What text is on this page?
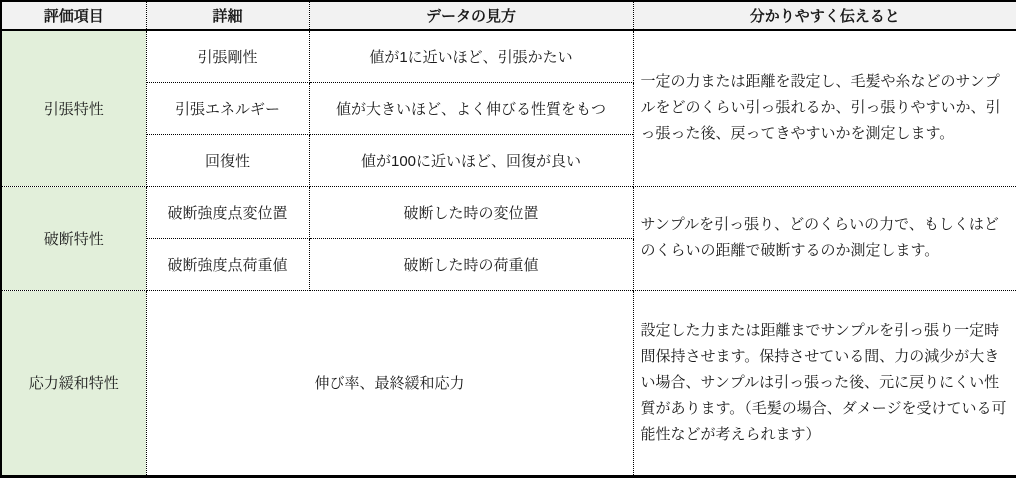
評価項目	詳細	データの見方	分かりやすく伝えると
引張特性	引張剛性	値が1に近いほど、引張かたい	一定の力または距離を設定し、毛髪や糸などのサンプルをどのくらい引っ張れるか、引っ張りやすいか、引っ張った後、戻ってきやすいかを測定します。
	引張エネルギー	値が大きいほど、よく伸びる性質をもつ	
	回復性	値が100に近いほど、回復が良い	
破断特性	破断強度点変位置	破断した時の変位置	サンプルを引っ張り、どのくらいの力で、もしくはどのくらいの距離で破断するのか測定します。
	破断強度点荷重値	破断した時の荷重値	
応力緩和特性	伸び率、最終緩和応力		設定した力または距離までサンプルを引っ張り一定時間保持させます。保持させている間、力の減少が大きい場合、サンプルは引っ張った後、元に戻りにくい性質があります。（毛髪の場合、ダメージを受けている可能性などが考えられます）
